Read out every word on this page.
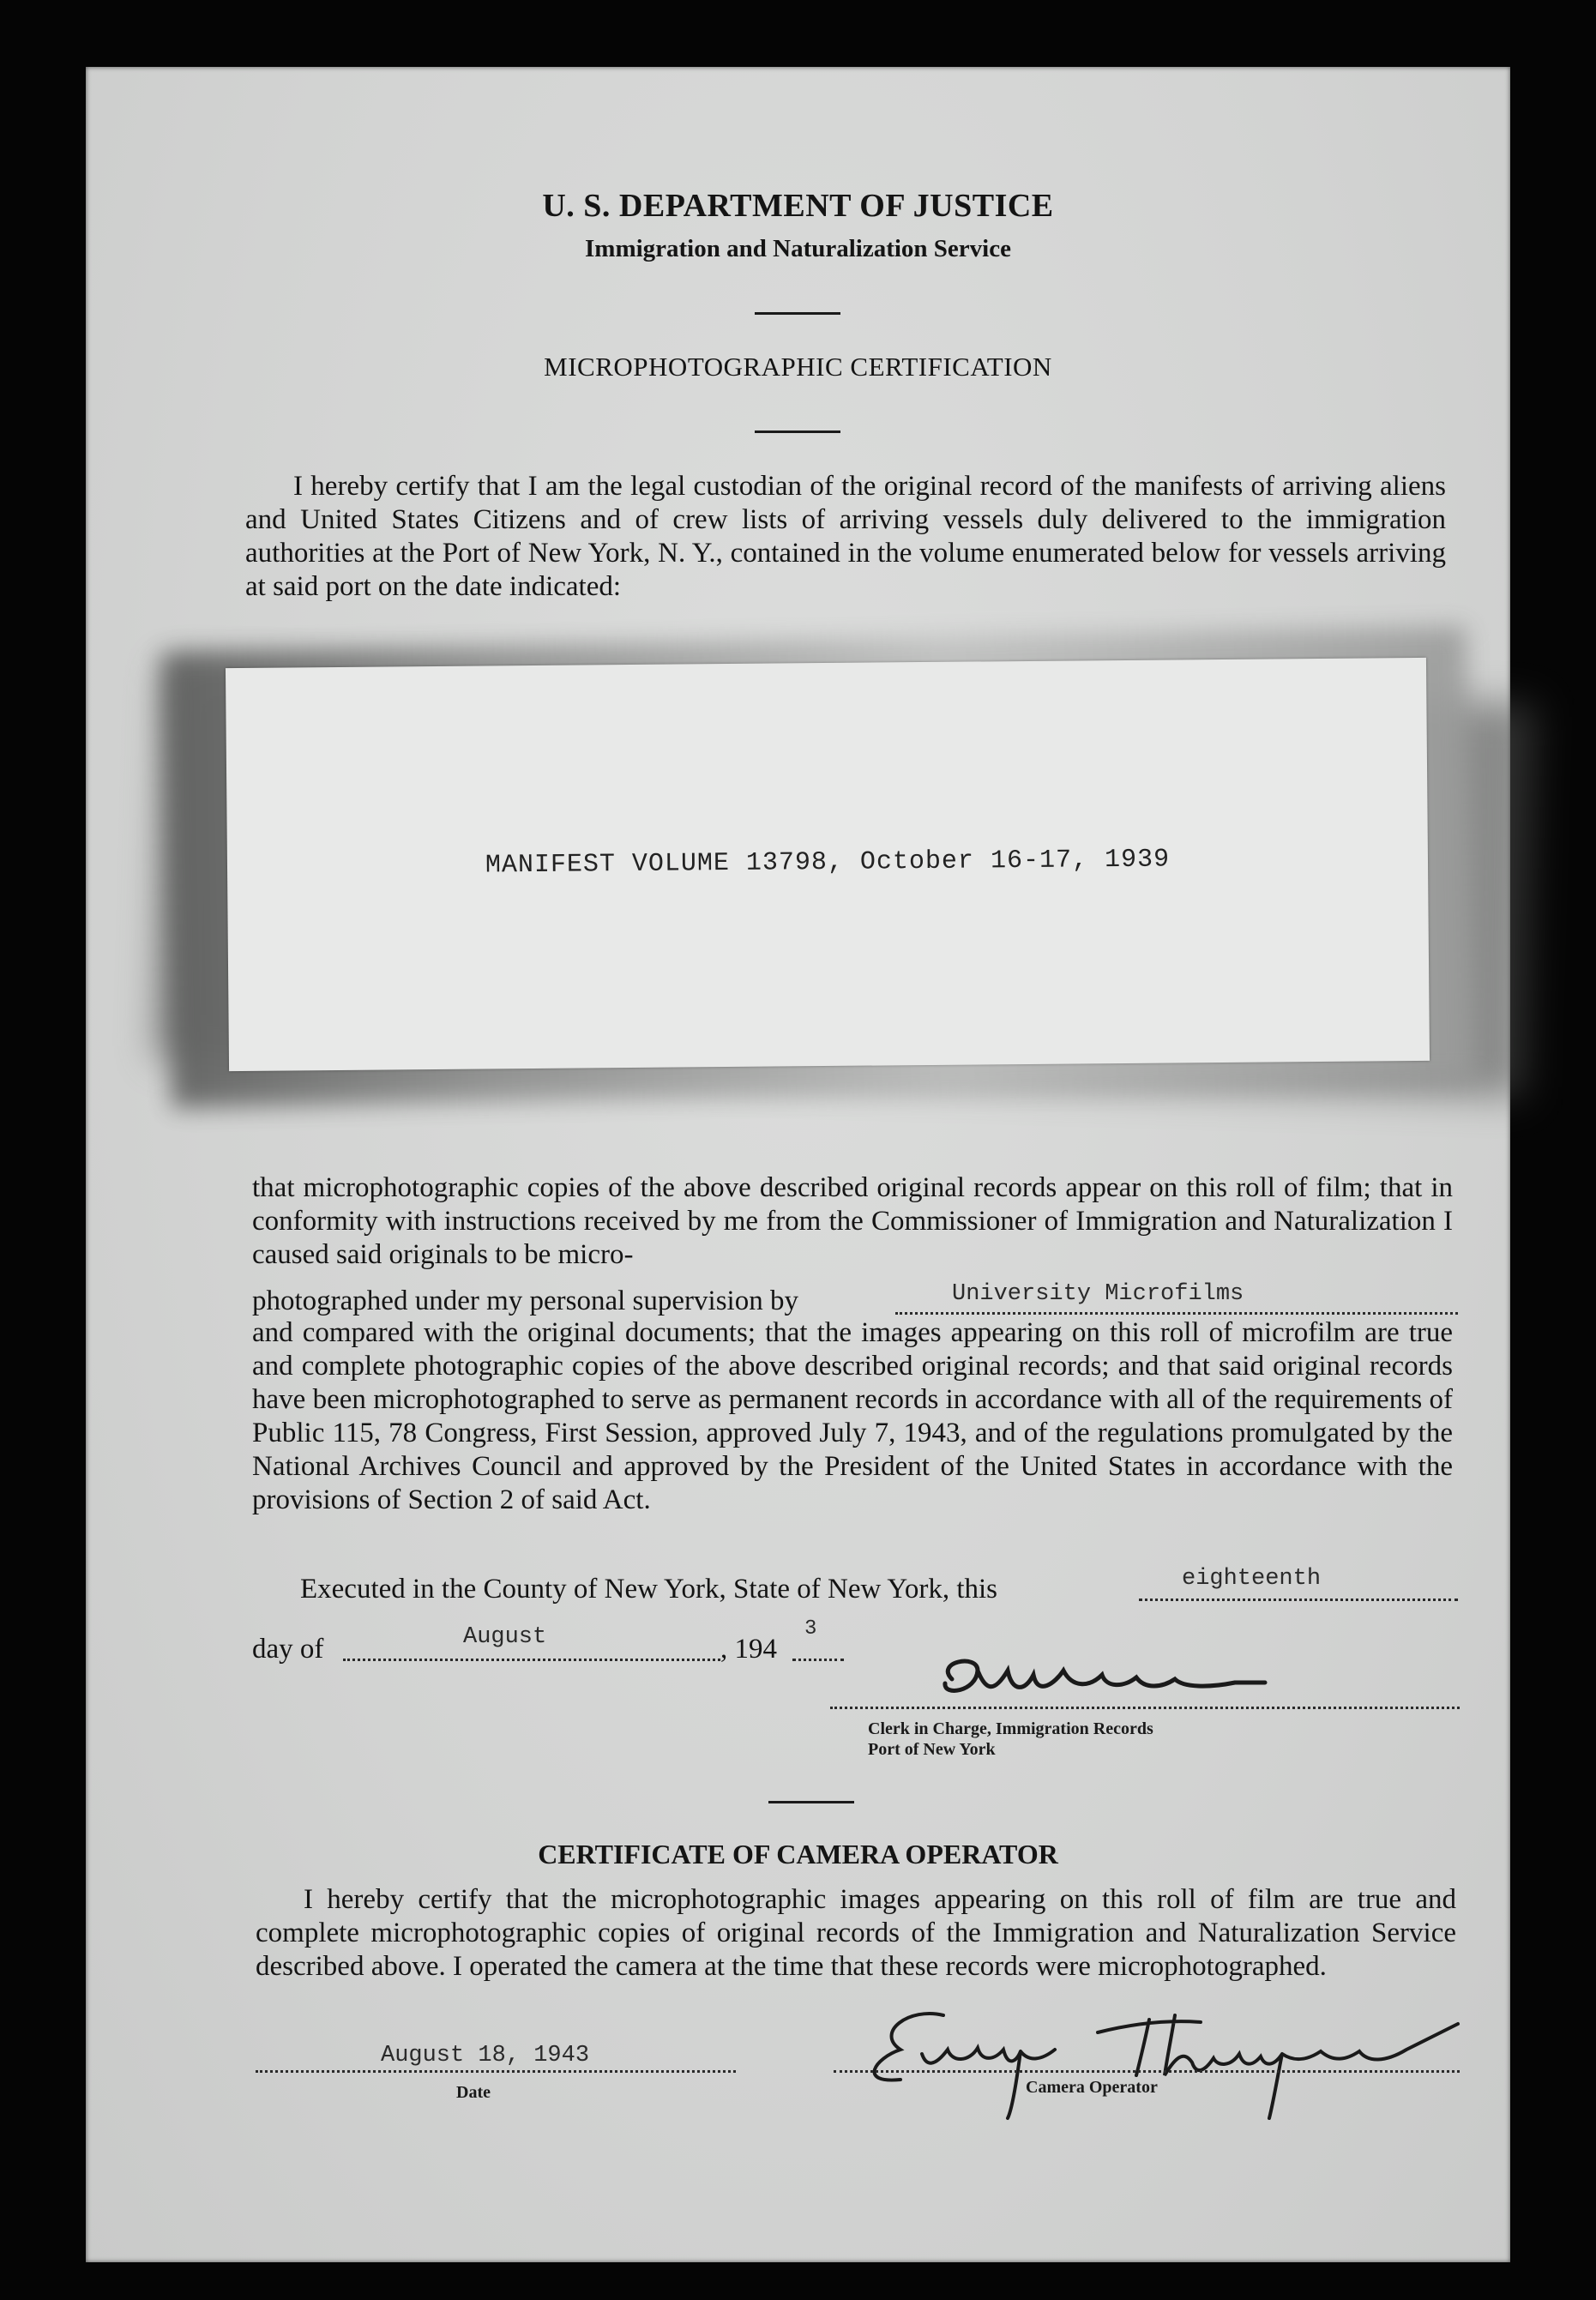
U. S. DEPARTMENT OF JUSTICE
Immigration and Naturalization Service
MICROPHOTOGRAPHIC CERTIFICATION
I hereby certify that I am the legal custodian of the original record of the manifests of arriving aliens and United States Citizens and of crew lists of arriving vessels duly delivered to the immigration authorities at the Port of New York, N. Y., contained in the volume enumerated below for vessels arriving at said port on the date indicated:
MANIFEST VOLUME 13798, October 16-17, 1939
that microphotographic copies of the above described original records appear on this roll of film; that in conformity with instructions received by me from the Commissioner of Immigration and Naturalization I caused said originals to be micro-
photographed under my personal supervision by	University Microfilms
and compared with the original documents; that the images appearing on this roll of microfilm are true and complete photographic copies of the above described original records; and that said original records have been microphotographed to serve as permanent records in accordance with all of the requirements of Public 115, 78 Congress, First Session, approved July 7, 1943, and of the regulations promulgated by the National Archives Council and approved by the President of the United States in accordance with the provisions of Section 2 of said Act.
Executed in the County of New York, State of New York, this	eighteenth
day of	August	, 194
3
Clerk in Charge, Immigration Records
Port of New York
CERTIFICATE OF CAMERA OPERATOR
I hereby certify that the microphotographic images appearing on this roll of film are true and complete microphotographic copies of original records of the Immigration and Naturalization Service described above. I operated the camera at the time that these records were microphotographed.
August 18, 1943
Date	Camera Operator
